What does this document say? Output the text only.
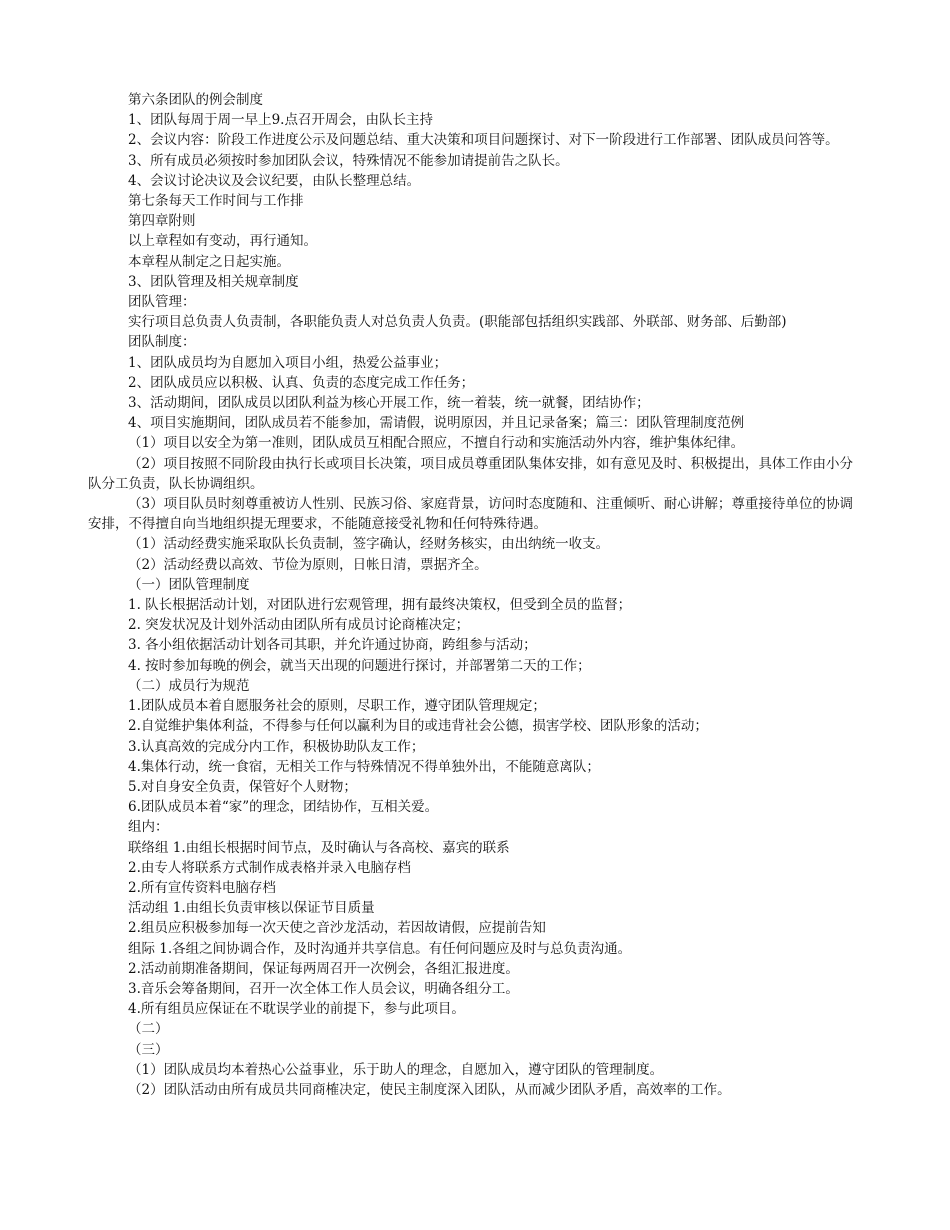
第六条团队的例会制度

1、团队每周于周一早上9.点召开周会，由队长主持

2、会议内容：阶段工作进度公示及问题总结、重大决策和项目问题探讨、对下一阶段进行工作部署、团队成员问答等。

3、所有成员必须按时参加团队会议，特殊情况不能参加请提前告之队长。

4、会议讨论决议及会议纪要，由队长整理总结。

第七条每天工作时间与工作排

第四章附则

以上章程如有变动，再行通知。

本章程从制定之日起实施。

3、团队管理及相关规章制度

团队管理：

实行项目总负责人负责制，各职能负责人对总负责人负责。(职能部包括组织实践部、外联部、财务部、后勤部)

团队制度：

1、团队成员均为自愿加入项目小组，热爱公益事业；

2、团队成员应以积极、认真、负责的态度完成工作任务；

3、活动期间，团队成员以团队利益为核心开展工作，统一着装，统一就餐，团结协作；

4、项目实施期间，团队成员若不能参加，需请假，说明原因，并且记录备案；篇三：团队管理制度范例

（1）项目以安全为第一准则，团队成员互相配合照应，不擅自行动和实施活动外内容，维护集体纪律。

（2）项目按照不同阶段由执行长或项目长决策，项目成员尊重团队集体安排，如有意见及时、积极提出，具体工作由小分队分工负责，队长协调组织。

（3）项目队员时刻尊重被访人性别、民族习俗、家庭背景，访问时态度随和、注重倾听、耐心讲解；尊重接待单位的协调安排，不得擅自向当地组织提无理要求，不能随意接受礼物和任何特殊待遇。

（1）活动经费实施采取队长负责制，签字确认，经财务核实，由出纳统一收支。

（2）活动经费以高效、节俭为原则，日帐日清，票据齐全。

（一）团队管理制度

1. 队长根据活动计划，对团队进行宏观管理，拥有最终决策权，但受到全员的监督；

2. 突发状况及计划外活动由团队所有成员讨论商榷决定；

3. 各小组依据活动计划各司其职，并允许通过协商，跨组参与活动；

4. 按时参加每晚的例会，就当天出现的问题进行探讨，并部署第二天的工作；

（二）成员行为规范

1.团队成员本着自愿服务社会的原则，尽职工作，遵守团队管理规定；

2.自觉维护集体利益，不得参与任何以赢利为目的或违背社会公德，损害学校、团队形象的活动；

3.认真高效的完成分内工作，积极协助队友工作；

4.集体行动，统一食宿，无相关工作与特殊情况不得单独外出，不能随意离队；

5.对自身安全负责，保管好个人财物；

6.团队成员本着“家”的理念，团结协作，互相关爱。

组内：

联络组 1.由组长根据时间节点，及时确认与各高校、嘉宾的联系

2.由专人将联系方式制作成表格并录入电脑存档

2.所有宣传资料电脑存档

活动组 1.由组长负责审核以保证节目质量

2.组员应积极参加每一次天使之音沙龙活动，若因故请假，应提前告知

组际 1.各组之间协调合作，及时沟通并共享信息。有任何问题应及时与总负责沟通。

2.活动前期准备期间，保证每两周召开一次例会，各组汇报进度。

3.音乐会筹备期间，召开一次全体工作人员会议，明确各组分工。

4.所有组员应保证在不耽误学业的前提下，参与此项目。

（二）

（三）

（1）团队成员均本着热心公益事业，乐于助人的理念，自愿加入，遵守团队的管理制度。

（2）团队活动由所有成员共同商榷决定，使民主制度深入团队，从而减少团队矛盾，高效率的工作。
